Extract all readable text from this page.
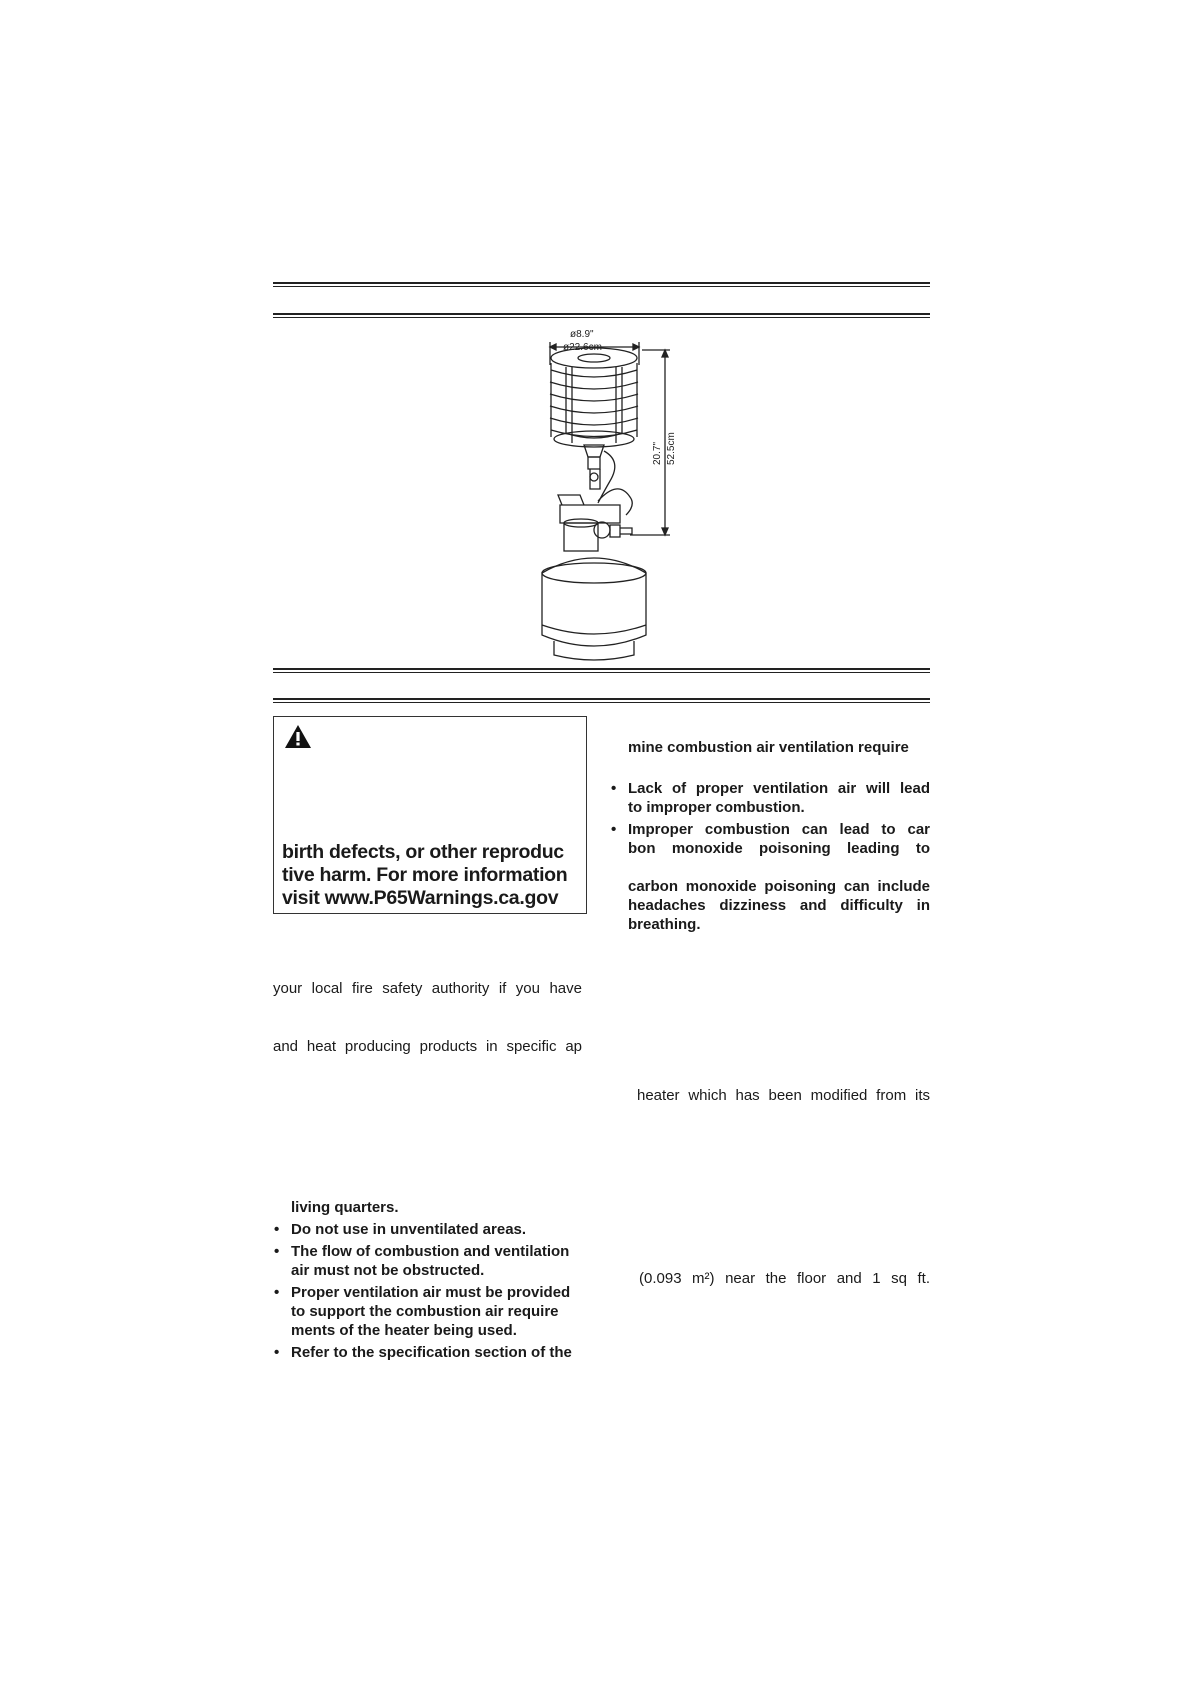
ø8.9"
ø22.6cm
20.7" 52.5cm
birth defects, or other reproduc
tive harm. For more information
visit www.P65Warnings.ca.gov
your local fire safety authority if you have
and heat producing products in specific ap
living quarters.
• Do not use in unventilated areas.
• The flow of combustion and ventilation
air must not be obstructed.
• Proper ventilation air must be provided
to support the combustion air require
ments of the heater being used.
• Refer to the specification section of the
mine combustion air ventilation require
• Lack of proper ventilation air will lead
to improper combustion.
• Improper combustion can lead to car
bon monoxide poisoning leading to
carbon monoxide poisoning can include
headaches dizziness and difficulty in
breathing.
heater which has been modified from its
(0.093 m²) near the floor and 1 sq ft.
